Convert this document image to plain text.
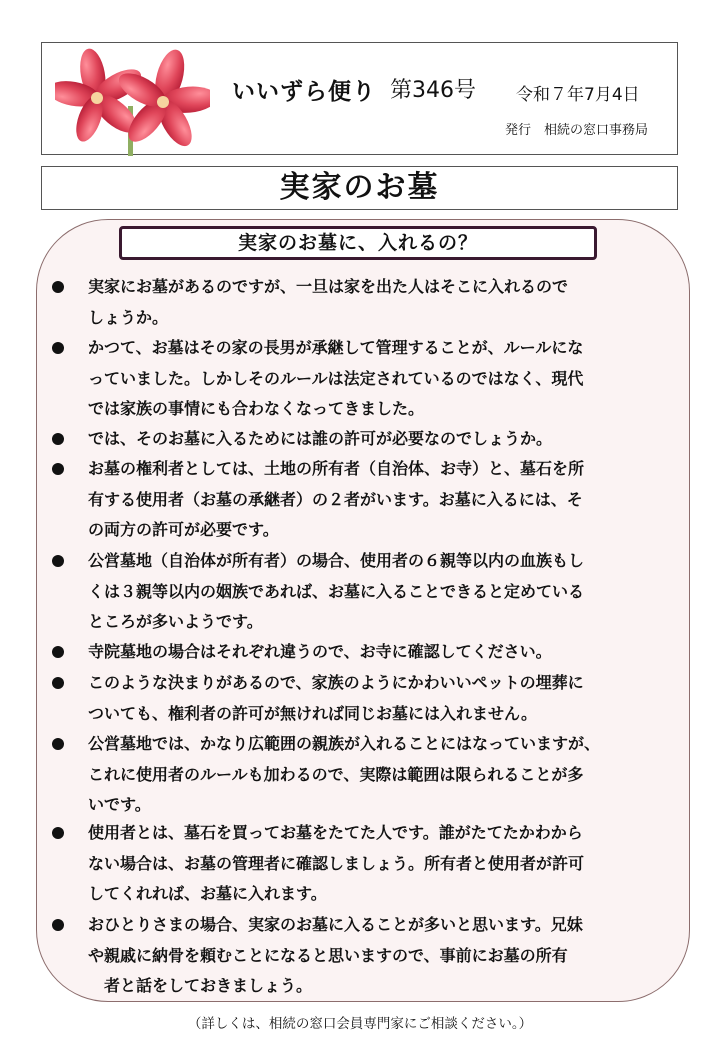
いいずら便り 第346号 令和７年7月4日
発行　相続の窓口事務局
実家のお墓
実家のお墓に、入れるの？
実家にお墓があるのですが、一旦は家を出た人はそこに入れるので
しょうか。
かつて、お墓はその家の長男が承継して管理することが、ルールにな
っていました。しかしそのルールは法定されているのではなく、現代
では家族の事情にも合わなくなってきました。
では、そのお墓に入るためには誰の許可が必要なのでしょうか。
お墓の権利者としては、土地の所有者（自治体、お寺）と、墓石を所
有する使用者（お墓の承継者）の２者がいます。お墓に入るには、そ
の両方の許可が必要です。
公営墓地（自治体が所有者）の場合、使用者の６親等以内の血族もし
くは３親等以内の姻族であれば、お墓に入ることできると定めている
ところが多いようです。
寺院墓地の場合はそれぞれ違うので、お寺に確認してください。
このような決まりがあるので、家族のようにかわいいペットの埋葬に
ついても、権利者の許可が無ければ同じお墓には入れません。
公営墓地では、かなり広範囲の親族が入れることにはなっていますが、
これに使用者のルールも加わるので、実際は範囲は限られることが多
いです。
使用者とは、墓石を買ってお墓をたてた人です。誰がたてたかわから
ない場合は、お墓の管理者に確認しましょう。所有者と使用者が許可
してくれれば、お墓に入れます。
おひとりさまの場合、実家のお墓に入ることが多いと思います。兄妹
や親戚に納骨を頼むことになると思いますので、事前にお墓の所有
　者と話をしておきましょう。
（詳しくは、相続の窓口会員専門家にご相談ください。）
